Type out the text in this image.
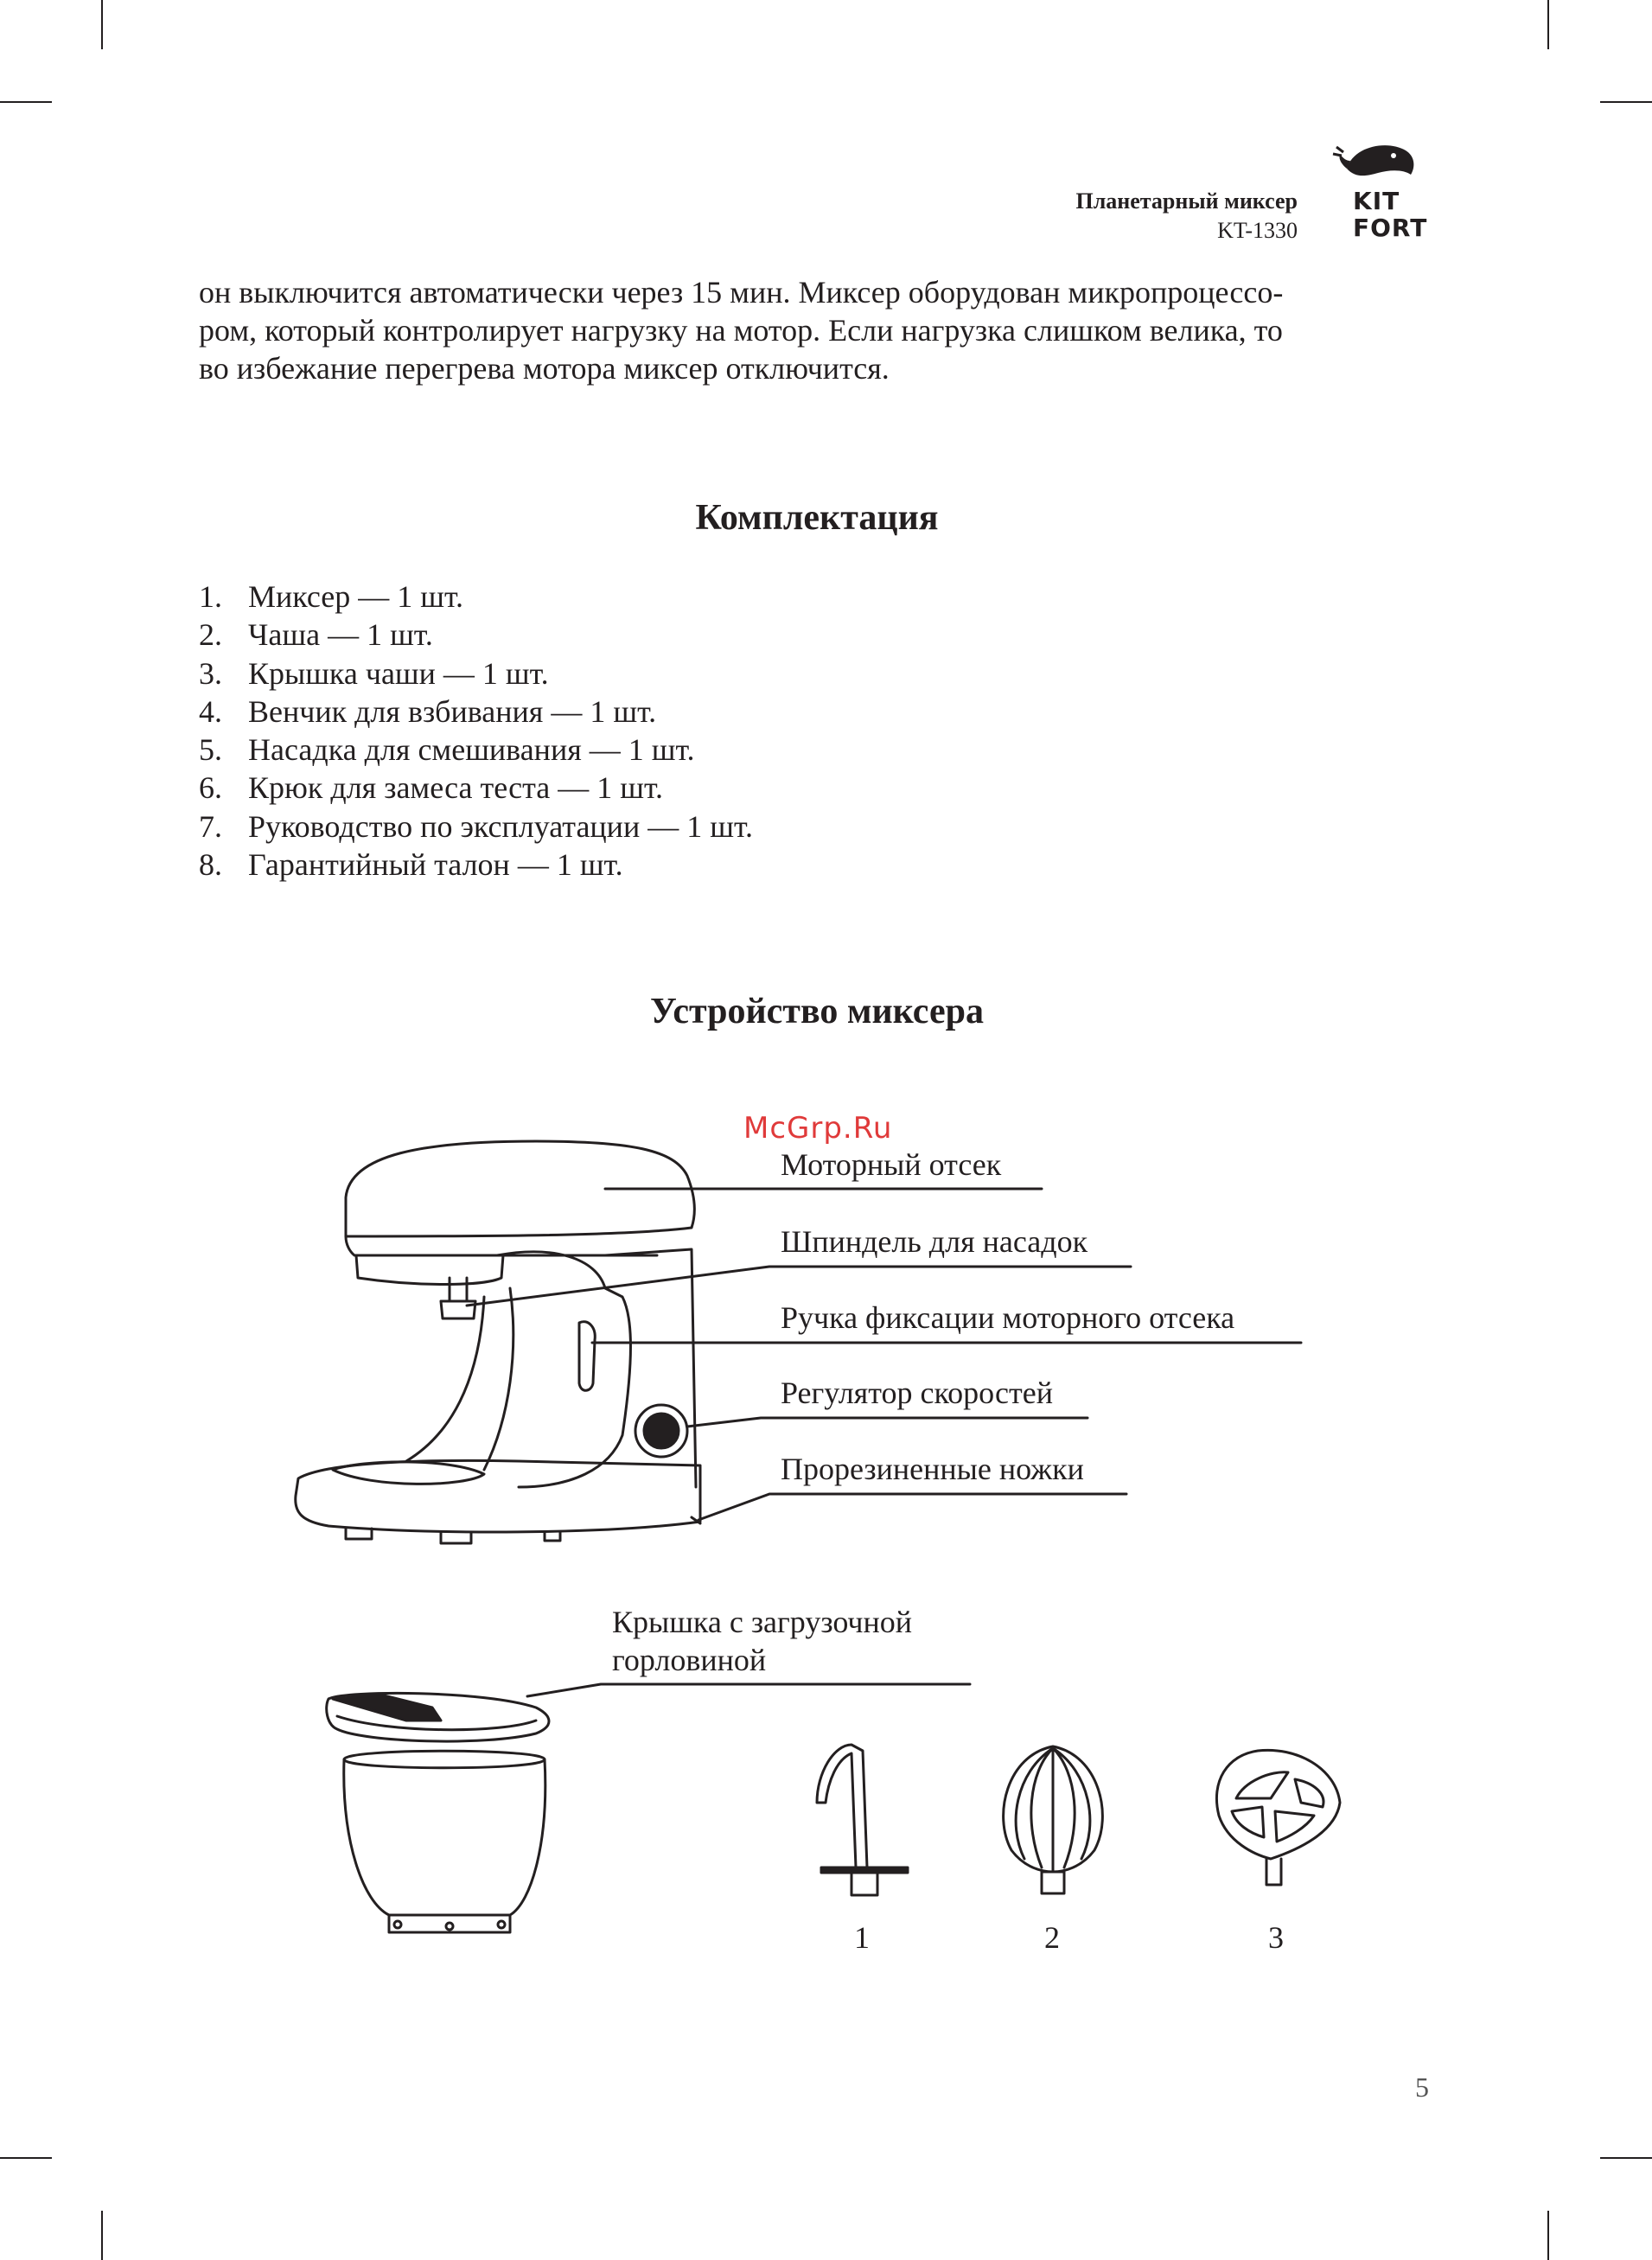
Планетарный миксер
KT-1330
KIT
FORT
он выключится автоматически через 15 мин. Миксер оборудован микропроцессо-
ром, который контролирует нагрузку на мотор. Если нагрузка слишком велика, то
во избежание перегрева мотора миксер отключится.
Комплектация
1. Миксер — 1 шт.
2. Чаша — 1 шт.
3. Крышка чаши — 1 шт.
4. Венчик для взбивания — 1 шт.
5. Насадка для смешивания — 1 шт.
6. Крюк для замеса теста — 1 шт.
7. Руководство по эксплуатации — 1 шт.
8. Гарантийный талон — 1 шт.
Устройство миксера
McGrp.Ru
Моторный отсек
Шпиндель для насадок
Ручка фиксации моторного отсека
Регулятор скоростей
Прорезиненные ножки
Крышка с загрузочной
горловиной
1	2	3
5
